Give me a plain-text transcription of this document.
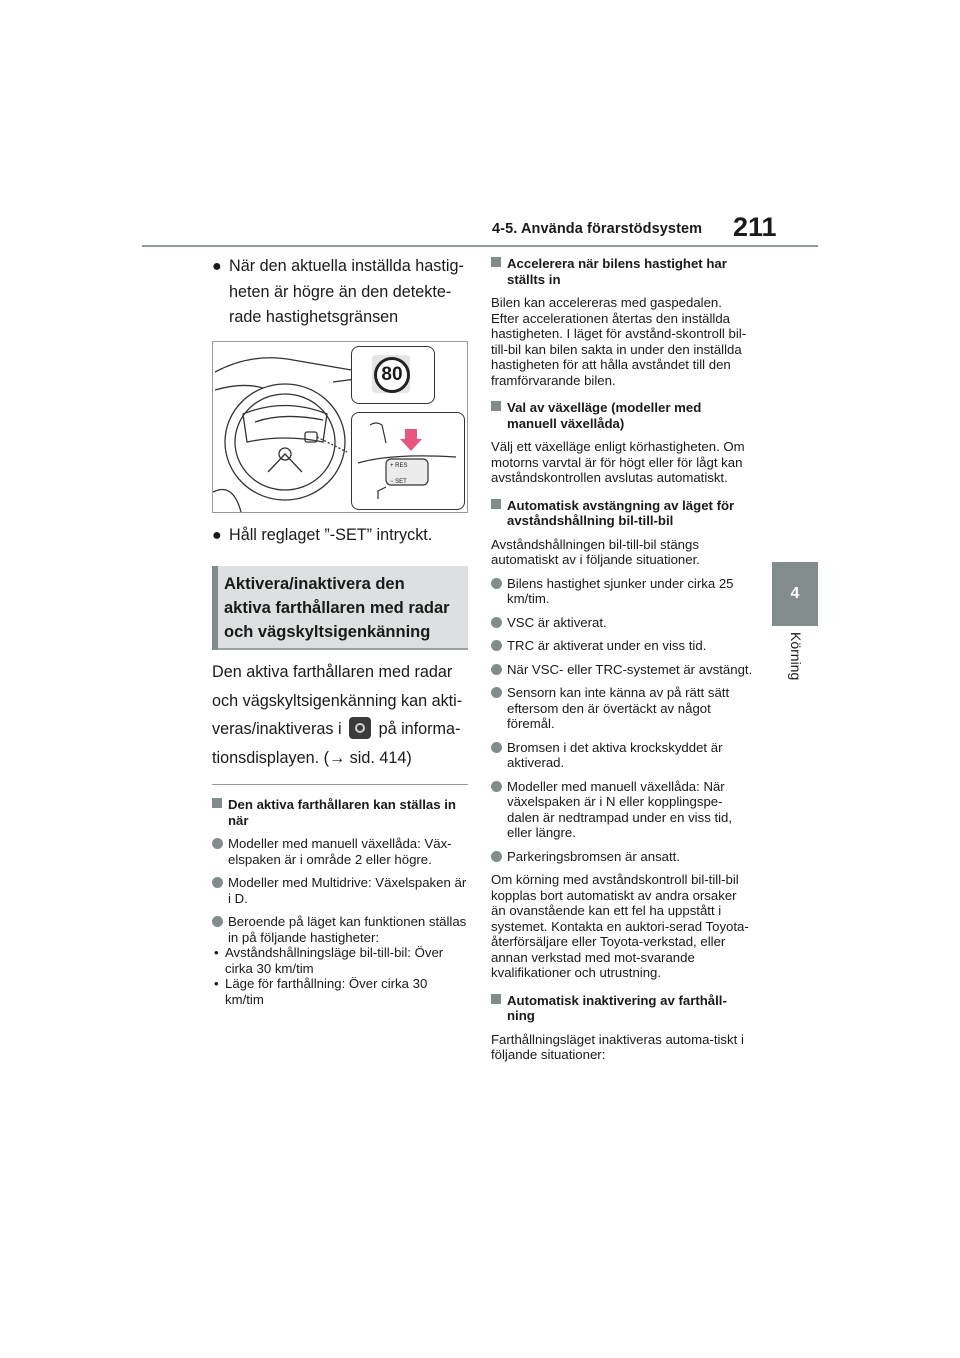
4-5. Använda förarstödsystem 211
4
Körning
● När den aktuella inställda hastig-
heten är högre än den detekte-
rade hastighetsgränsen
80
+ RES
− SET
● Håll reglaget ”-SET” intryckt.
Aktivera/inaktivera den
aktiva farthållaren med radar
och vägskyltsigenkänning
Den aktiva farthållaren med radar
och vägskyltsigenkänning kan akti-
veras/inaktiveras i på informa-
tionsdisplayen. (→ sid. 414)
Den aktiva farthållaren kan ställas in när
Modeller med manuell växellåda: Väx-elspaken är i område 2 eller högre.
Modeller med Multidrive: Växelspaken är i D.
Beroende på läget kan funktionen ställas in på följande hastigheter:
• Avståndshållningsläge bil-till-bil: Över cirka 30 km/tim
• Läge för farthållning: Över cirka 30 km/tim
Accelerera när bilens hastighet har ställts in
Bilen kan accelereras med gaspedalen. Efter accelerationen återtas den inställda hastigheten. I läget för avstånd-skontroll bil-till-bil kan bilen sakta in under den inställda hastigheten för att hålla avståndet till den framförvarande bilen.
Val av växelläge (modeller med manuell växellåda)
Välj ett växelläge enligt körhastigheten. Om motorns varvtal är för högt eller för lågt kan avståndskontrollen avslutas automatiskt.
Automatisk avstängning av läget för avståndshållning bil-till-bil
Avståndshållningen bil-till-bil stängs automatiskt av i följande situationer.
Bilens hastighet sjunker under cirka 25 km/tim.
VSC är aktiverat.
TRC är aktiverat under en viss tid.
När VSC- eller TRC-systemet är avstängt.
Sensorn kan inte känna av på rätt sätt eftersom den är övertäckt av något föremål.
Bromsen i det aktiva krockskyddet är aktiverad.
Modeller med manuell växellåda: När växelspaken är i N eller kopplingspe-dalen är nedtrampad under en viss tid, eller längre.
Parkeringsbromsen är ansatt.
Om körning med avståndskontroll bil-till-bil kopplas bort automatiskt av andra orsaker än ovanstående kan ett fel ha uppstått i systemet. Kontakta en auktori-serad Toyota-återförsäljare eller Toyota-verkstad, eller annan verkstad med mot-svarande kvalifikationer och utrustning.
Automatisk inaktivering av farthåll-ning
Farthållningsläget inaktiveras automa-tiskt i följande situationer:
